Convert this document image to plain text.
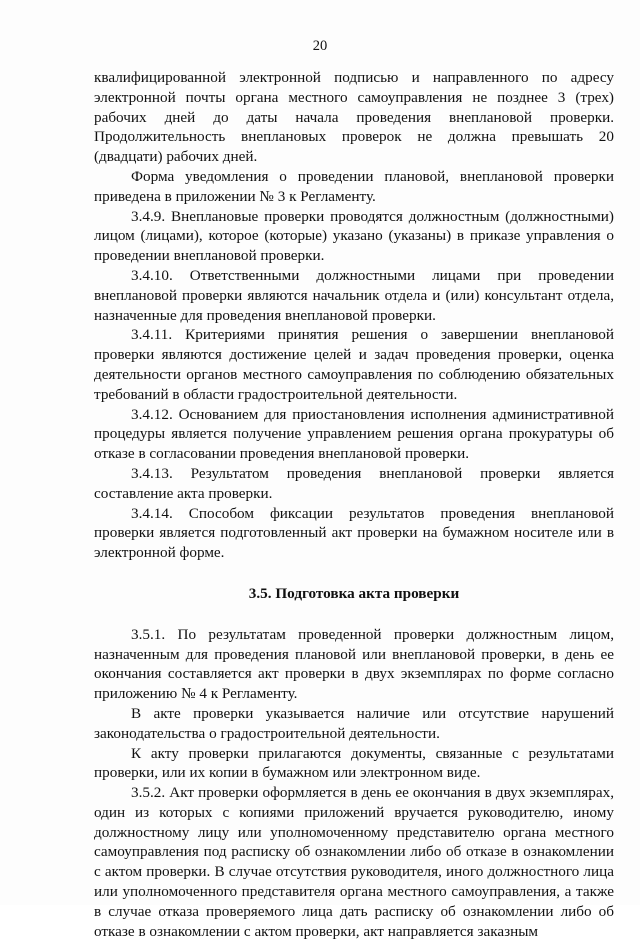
20

квалифицированной электронной подписью и направленного по адресу электронной почты органа местного самоуправления не позднее 3 (трех) рабочих дней до даты начала проведения внеплановой проверки. Продолжительность внеплановых проверок не должна превышать 20 (двадцати) рабочих дней.

Форма уведомления о проведении плановой, внеплановой проверки приведена в приложении № 3 к Регламенту.

3.4.9. Внеплановые проверки проводятся должностным (должностными) лицом (лицами), которое (которые) указано (указаны) в приказе управления о проведении внеплановой проверки.

3.4.10. Ответственными должностными лицами при проведении внеплановой проверки являются начальник отдела и (или) консультант отдела, назначенные для проведения внеплановой проверки.

3.4.11. Критериями принятия решения о завершении внеплановой проверки являются достижение целей и задач проведения проверки, оценка деятельности органов местного самоуправления по соблюдению обязательных требований в области градостроительной деятельности.

3.4.12. Основанием для приостановления исполнения административной процедуры является получение управлением решения органа прокуратуры об отказе в согласовании проведения внеплановой проверки.

3.4.13. Результатом проведения внеплановой проверки является составление акта проверки.

3.4.14. Способом фиксации результатов проведения внеплановой проверки является подготовленный акт проверки на бумажном носителе или в электронной форме.

3.5. Подготовка акта проверки

3.5.1. По результатам проведенной проверки должностным лицом, назначенным для проведения плановой или внеплановой проверки, в день ее окончания составляется акт проверки в двух экземплярах по форме согласно приложению № 4 к Регламенту.

В акте проверки указывается наличие или отсутствие нарушений законодательства о градостроительной деятельности.

К акту проверки прилагаются документы, связанные с результатами проверки, или их копии в бумажном или электронном виде.

3.5.2. Акт проверки оформляется в день ее окончания в двух экземплярах, один из которых с копиями приложений вручается руководителю, иному должностному лицу или уполномоченному представителю органа местного самоуправления под расписку об ознакомлении либо об отказе в ознакомлении с актом проверки. В случае отсутствия руководителя, иного должностного лица или уполномоченного представителя органа местного самоуправления, а также в случае отказа проверяемого лица дать расписку об ознакомлении либо об отказе в ознакомлении с актом проверки, акт направляется заказным
